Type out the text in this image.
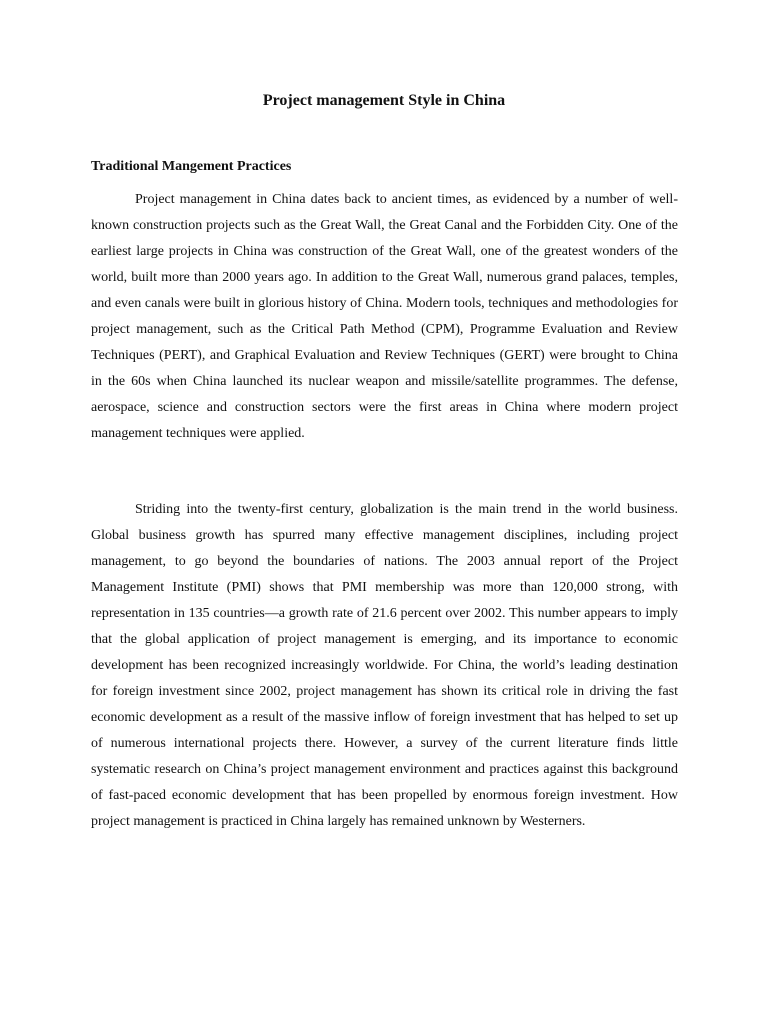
Project management Style in China
Traditional Mangement Practices

Project management in China dates back to ancient times, as evidenced by a number of well-known construction projects such as the Great Wall, the Great Canal and the Forbidden City. One of the earliest large projects in China was construction of the Great Wall, one of the greatest wonders of the world, built more than 2000 years ago. In addition to the Great Wall, numerous grand palaces, temples, and even canals were built in glorious history of China. Modern tools, techniques and methodologies for project management, such as the Critical Path Method (CPM), Programme Evaluation and Review Techniques (PERT), and Graphical Evaluation and Review Techniques (GERT) were brought to China in the 60s when China launched its nuclear weapon and missile/satellite programmes. The defense, aerospace, science and construction sectors were the first areas in China where modern project management techniques were applied.

Striding into the twenty-first century, globalization is the main trend in the world business. Global business growth has spurred many effective management disciplines, including project management, to go beyond the boundaries of nations. The 2003 annual report of the Project Management Institute (PMI) shows that PMI membership was more than 120,000 strong, with representation in 135 countries—a growth rate of 21.6 percent over 2002. This number appears to imply that the global application of project management is emerging, and its importance to economic development has been recognized increasingly worldwide. For China, the world’s leading destination for foreign investment since 2002, project management has shown its critical role in driving the fast economic development as a result of the massive inflow of foreign investment that has helped to set up of numerous international projects there. However, a survey of the current literature finds little systematic research on China’s project management environment and practices against this background of fast-paced economic development that has been propelled by enormous foreign investment. How project management is practiced in China largely has remained unknown by Westerners.
